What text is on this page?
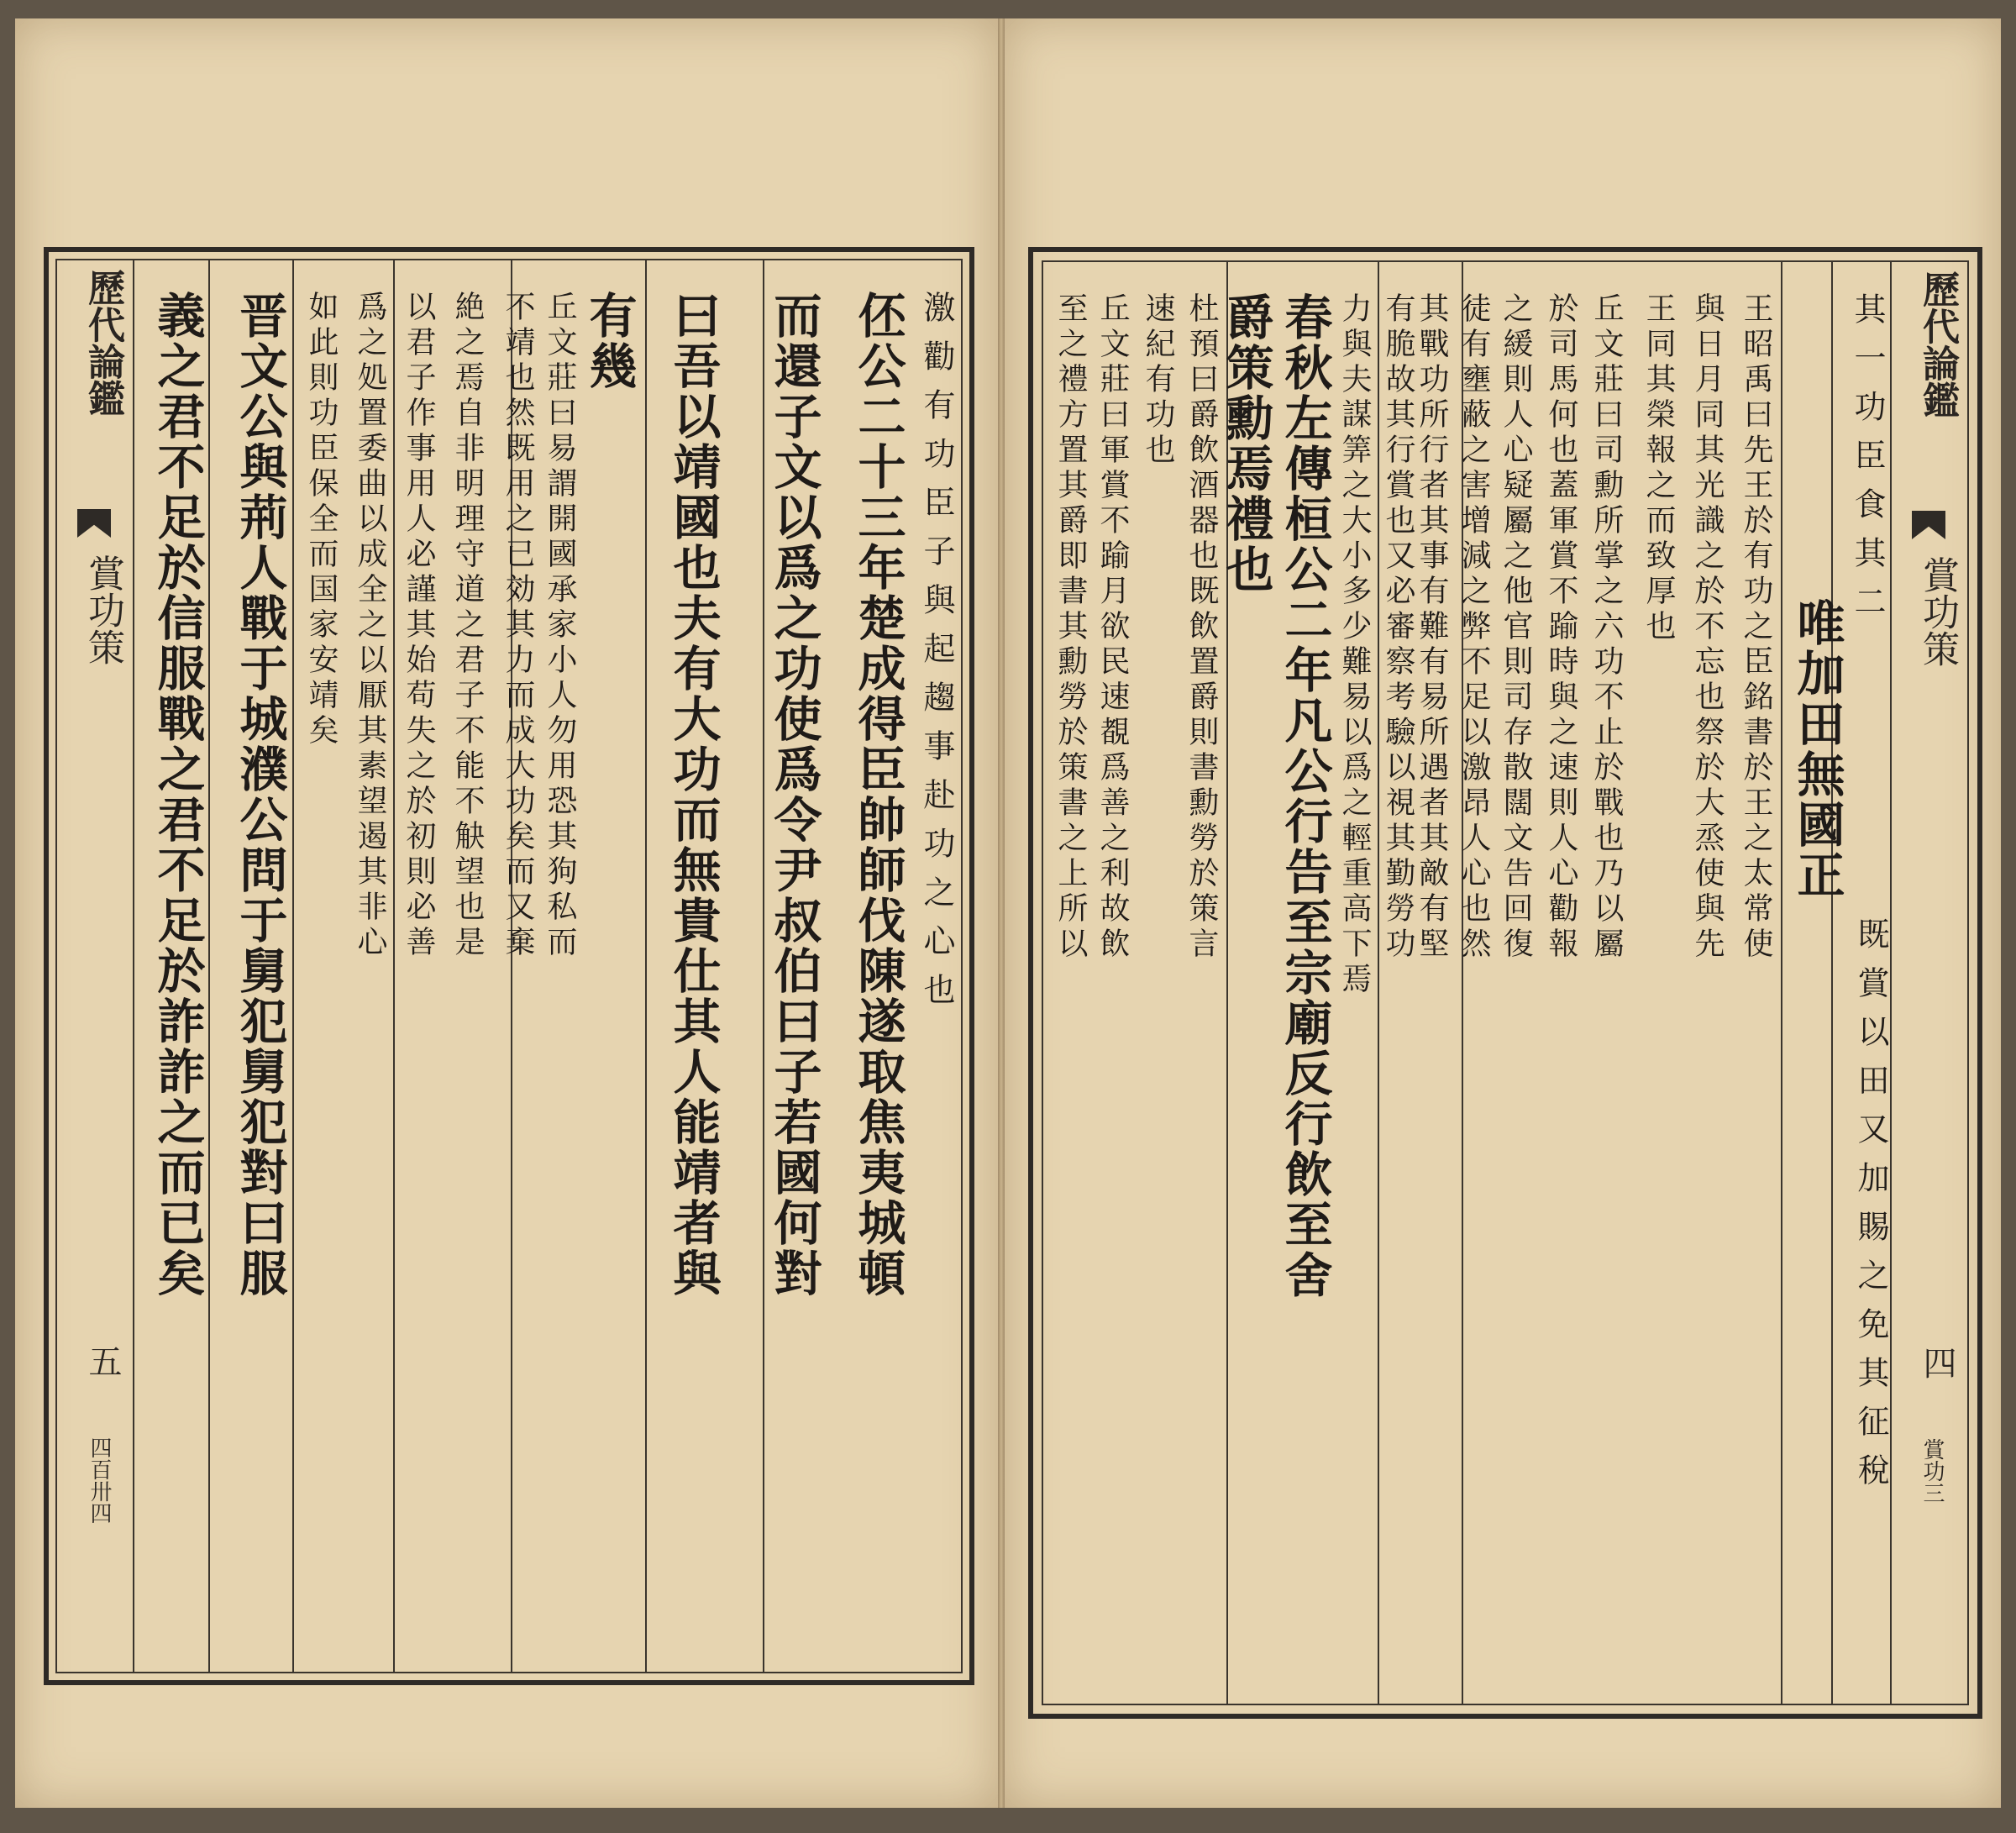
歷代論鑑
賞功策
五
四百卅四
伾公二十三年楚成得臣帥師伐陳遂取焦夷城頓 激勸有功臣子與起趨事赴功之心也
而還子文以爲之功使爲令尹叔伯曰子若國何對
曰吾以靖國也夫有大功而無貴仕其人能靖者與
有幾
丘文莊曰易謂開國承家小人勿用恐其狗私而
不靖也然既用之已効其力而成大功矣而又棄
絶之焉自非明理守道之君子不能不觖望也是
以君子作事用人必謹其始苟失之於初則必善
爲之処置委曲以成全之以厭其素望遏其非心
如此則功臣保全而国家安靖矣
晋文公與荊人戰于城濮公問于舅犯舅犯對曰服
義之君不足於信服戰之君不足於詐詐之而已矣	歷代論鑑
賞功策
四
賞功三
其一功臣食其二
唯加田無國正
既賞以田又加賜之免其征稅
王昭禹曰先王於有功之臣銘書於王之太常使
與日月同其光識之於不忘也祭於大烝使與先
王同其榮報之而致厚也
丘文莊曰司勳所掌之六功不止於戰也乃以屬
於司馬何也蓋軍賞不踰時與之速則人心勸報
之緩則人心疑屬之他官則司存散闊文告回復
徒有壅蔽之害增減之弊不足以激昂人心也然
其戰功所行者其事有難有易所遇者其敵有堅
有脆故其行賞也又必審察考驗以視其勤勞功
力與夫謀筭之大小多少難易以爲之輕重高下焉
春秋左傳桓公二年凡公行告至宗廟反行飲至舍
爵策勳焉禮也
杜預曰爵飲酒器也既飲置爵則書勳勞於策言
速紀有功也
丘文莊曰軍賞不踰月欲民速覩爲善之利故飲
至之禮方置其爵即書其勳勞於策書之上所以
